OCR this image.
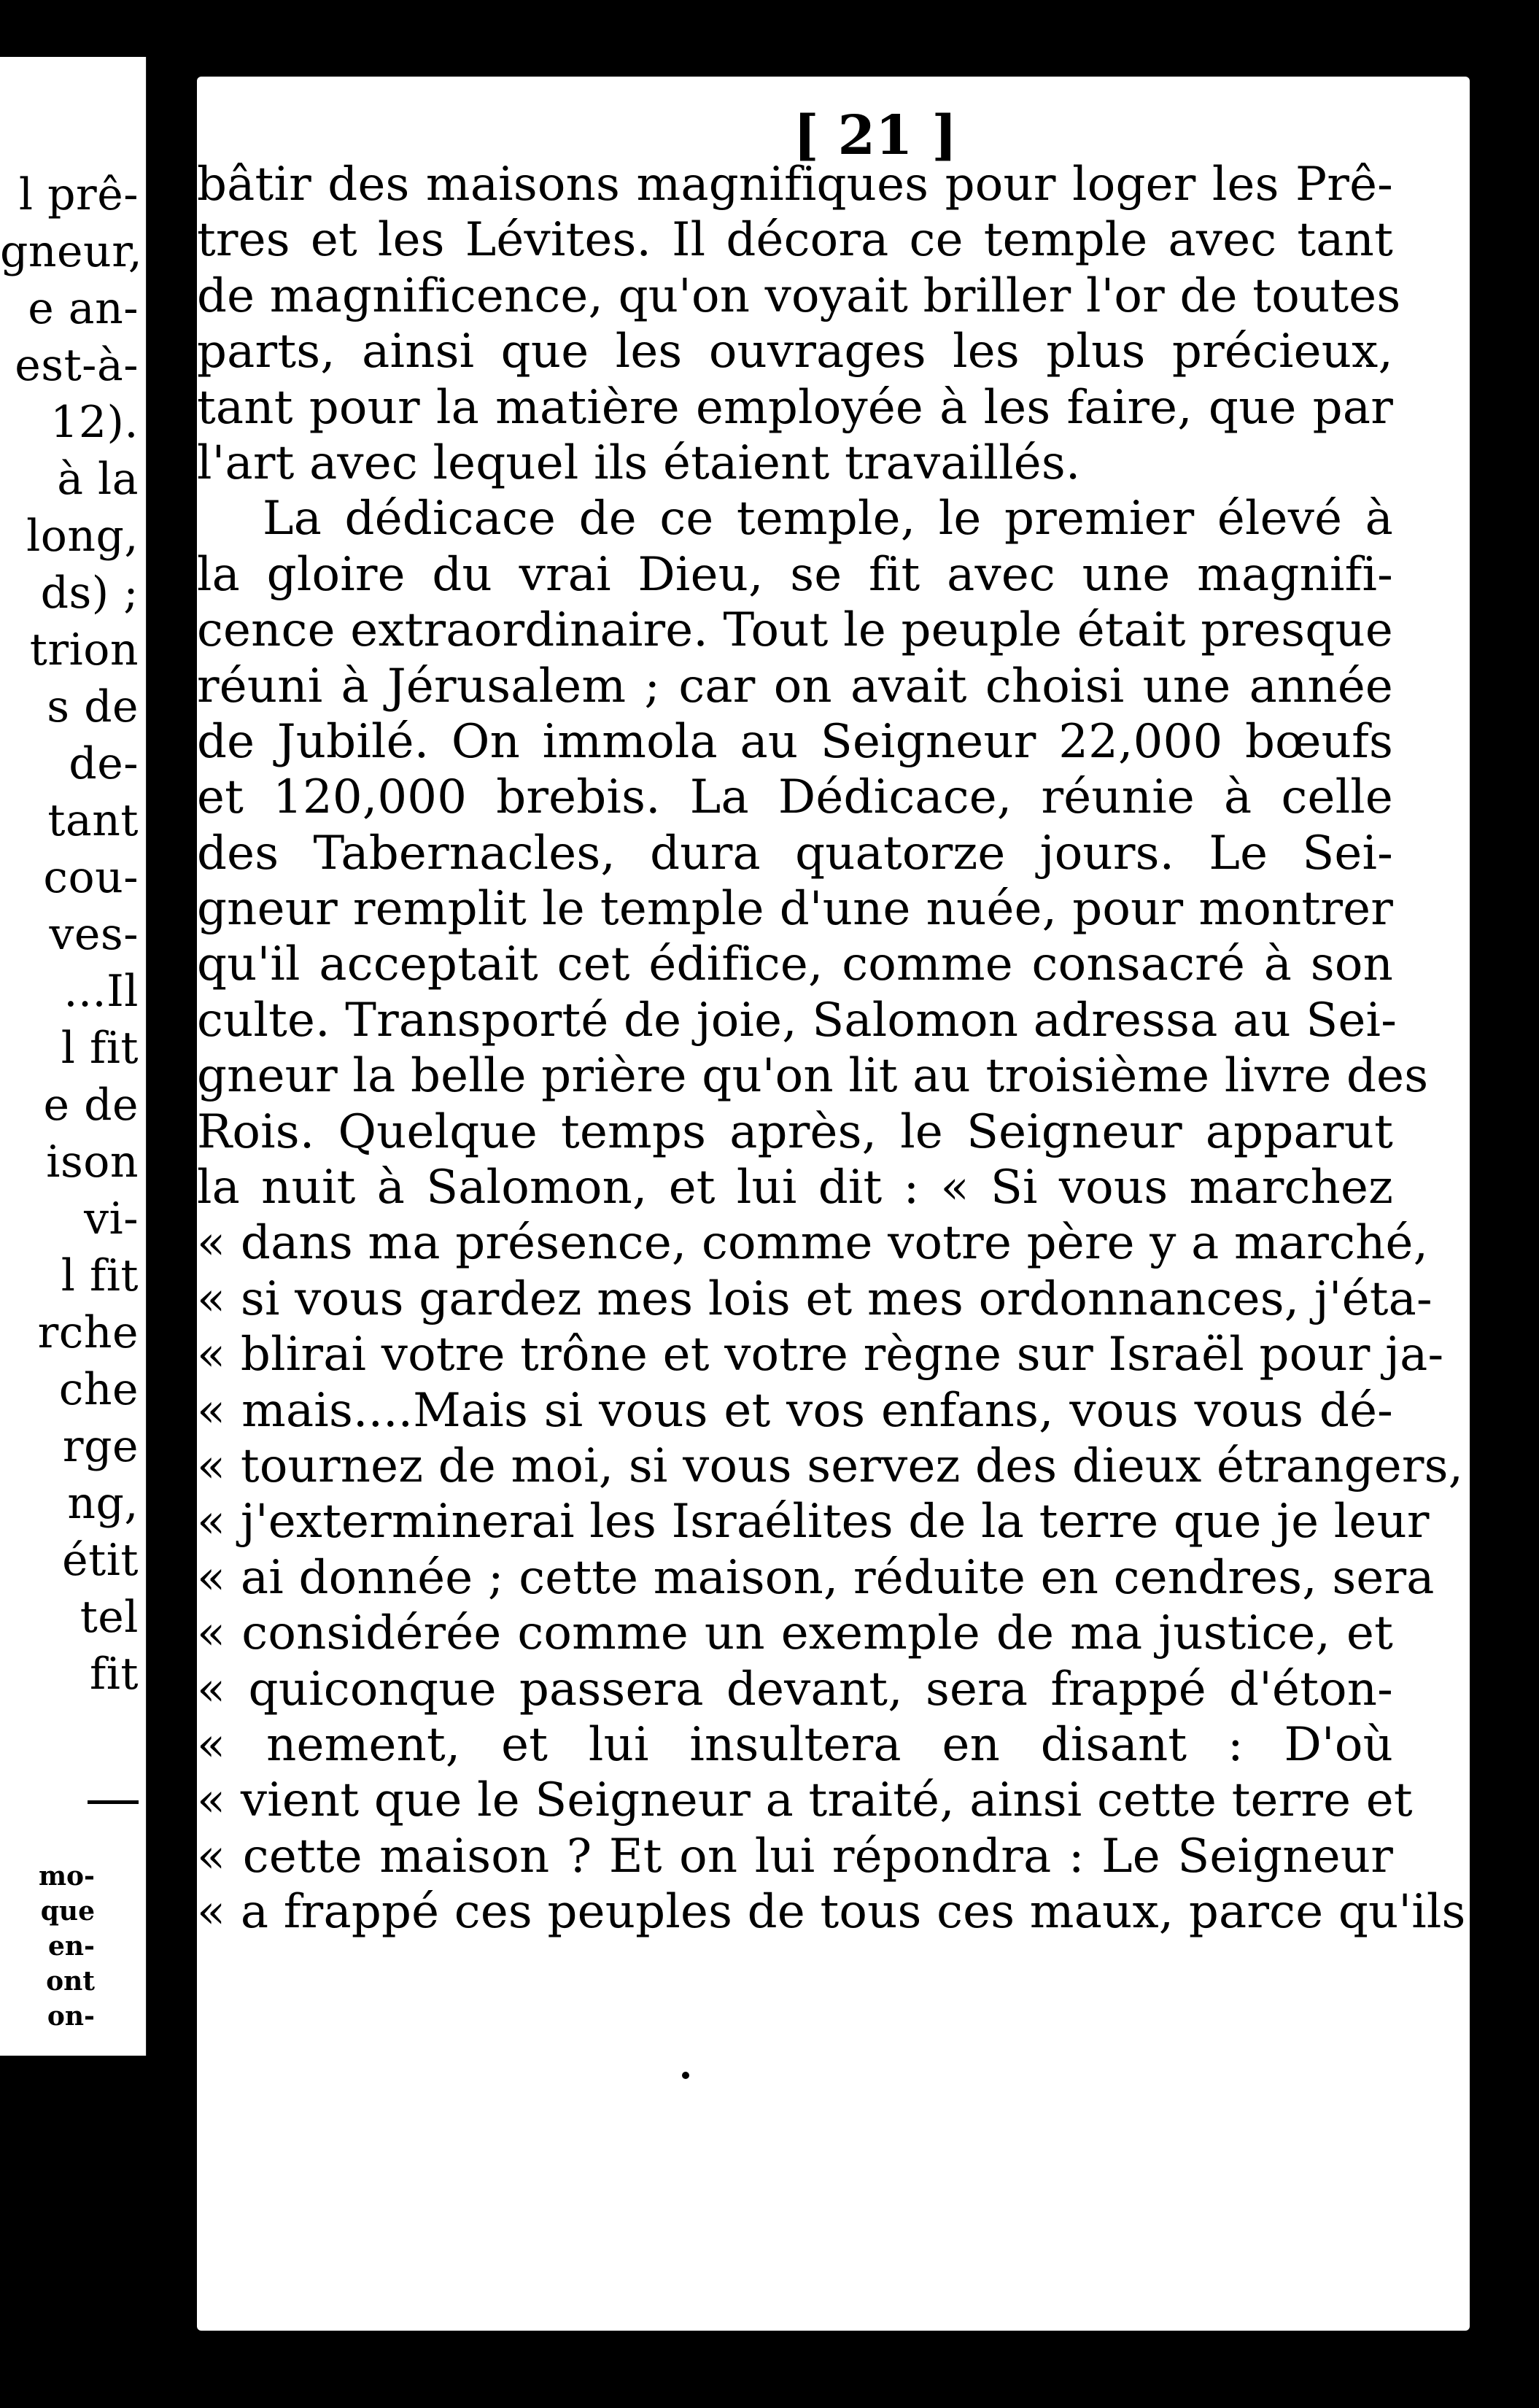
l prê-
gneur,
e an-
est-à-
12).
à la
long,
ds) ;
trion
s de
de-
tant
cou-
ves-
...Il
l fit
e de
ison
vi-
l fit
rche
che
rge
ng,
étit
tel
fit
mo-
que
en-
ont
on-
[ 21 ]
bâtir des maisons magnifiques pour loger les Prê-
tres et les Lévites. Il décora ce temple avec tant
de magnificence, qu'on voyait briller l'or de toutes
parts, ainsi que les ouvrages les plus précieux,
tant pour la matière employée à les faire, que par
l'art avec lequel ils étaient travaillés.
La dédicace de ce temple, le premier élevé à
la gloire du vrai Dieu, se fit avec une magnifi-
cence extraordinaire. Tout le peuple était presque
réuni à Jérusalem ; car on avait choisi une année
de Jubilé. On immola au Seigneur 22,000 bœufs
et 120,000 brebis. La Dédicace, réunie à celle
des Tabernacles, dura quatorze jours. Le Sei-
gneur remplit le temple d'une nuée, pour montrer
qu'il acceptait cet édifice, comme consacré à son
culte. Transporté de joie, Salomon adressa au Sei-
gneur la belle prière qu'on lit au troisième livre des
Rois. Quelque temps après, le Seigneur apparut
la nuit à Salomon, et lui dit : « Si vous marchez
« dans ma présence, comme votre père y a marché,
« si vous gardez mes lois et mes ordonnances, j'éta-
« blirai votre trône et votre règne sur Israël pour ja-
« mais....Mais si vous et vos enfans, vous vous dé-
« tournez de moi, si vous servez des dieux étrangers,
« j'exterminerai les Israélites de la terre que je leur
« ai donnée ; cette maison, réduite en cendres, sera
« considérée comme un exemple de ma justice, et
« quiconque passera devant, sera frappé d'éton-
« nement, et lui insultera en disant : D'où
« vient que le Seigneur a traité, ainsi cette terre et
« cette maison ? Et on lui répondra : Le Seigneur
« a frappé ces peuples de tous ces maux, parce qu'ils
